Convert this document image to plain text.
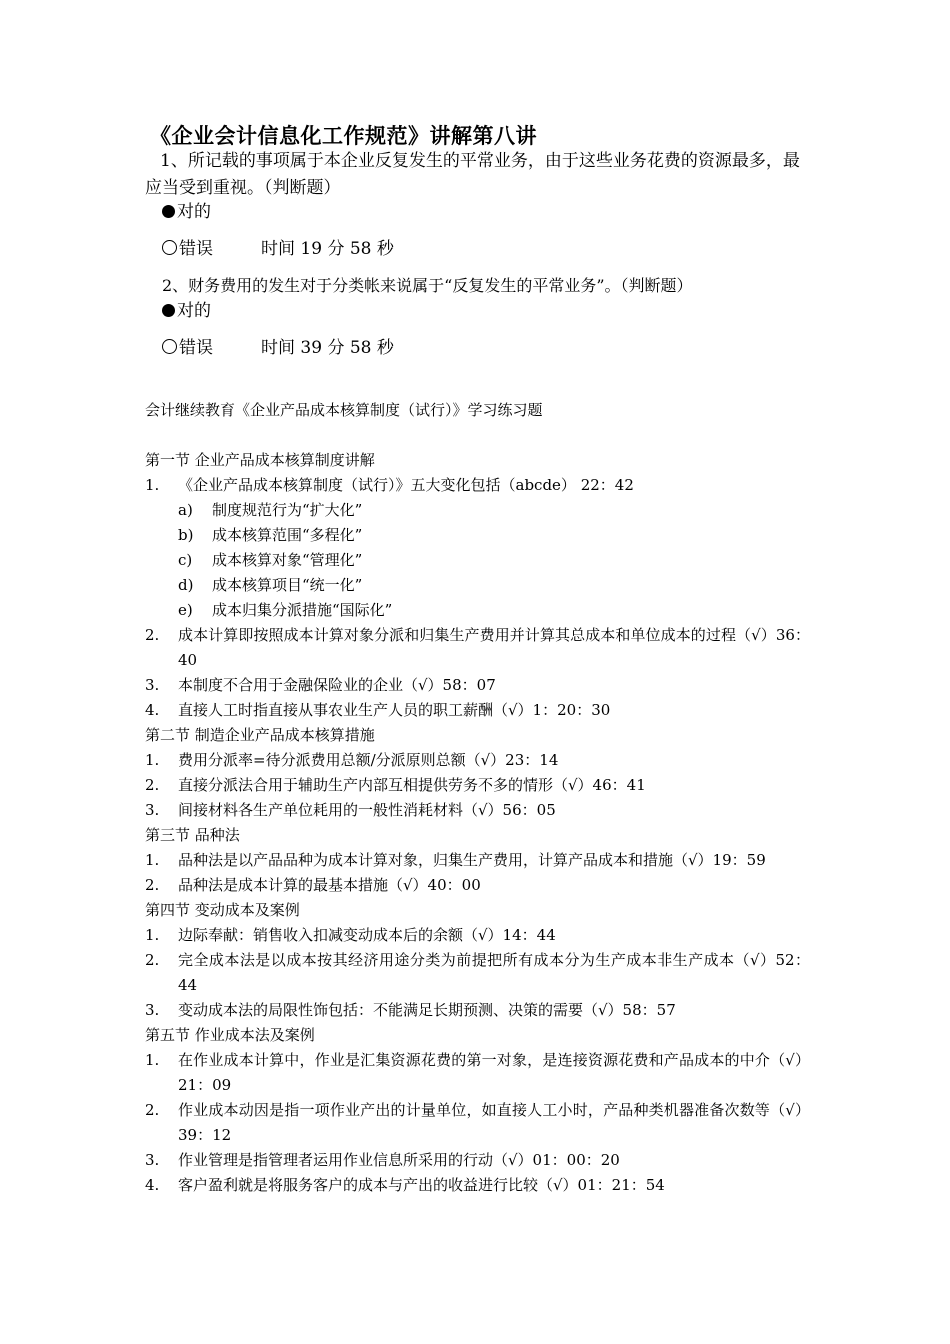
《企业会计信息化工作规范》讲解第八讲
1、所记载的事项属于本企业反复发生的平常业务，由于这些业务花费的资源最多，最应当受到重视。（判断题）
对的
错误	时间 19 分 58 秒
2、财务费用的发生对于分类帐来说属于“反复发生的平常业务”。（判断题）
对的
错误	时间 39 分 58 秒
会计继续教育《企业产品成本核算制度（试行）》学习练习题
第一节 企业产品成本核算制度讲解
1. 《企业产品成本核算制度（试行）》五大变化包括（abcde） 22：42
a) 制度规范行为“扩大化”
b) 成本核算范围“多程化”
c) 成本核算对象“管理化”
d) 成本核算项目“统一化”
e) 成本归集分派措施“国际化”
2. 成本计算即按照成本计算对象分派和归集生产费用并计算其总成本和单位成本的过程（√）36：40
3. 本制度不合用于金融保险业的企业（√）58：07
4. 直接人工时指直接从事农业生产人员的职工薪酬（√）1：20：30
第二节 制造企业产品成本核算措施
1. 费用分派率=待分派费用总额/分派原则总额（√）23：14
2. 直接分派法合用于辅助生产内部互相提供劳务不多的情形（√）46：41
3. 间接材料各生产单位耗用的一般性消耗材料（√）56：05
第三节 品种法
1. 品种法是以产品品种为成本计算对象，归集生产费用，计算产品成本和措施（√）19：59
2. 品种法是成本计算的最基本措施（√）40：00
第四节 变动成本及案例
1. 边际奉献：销售收入扣减变动成本后的余额（√）14：44
2. 完全成本法是以成本按其经济用途分类为前提把所有成本分为生产成本非生产成本（√）52：44
3. 变动成本法的局限性饰包括：不能满足长期预测、决策的需要（√）58：57
第五节 作业成本法及案例
1. 在作业成本计算中，作业是汇集资源花费的第一对象，是连接资源花费和产品成本的中介（√）21：09
2. 作业成本动因是指一项作业产出的计量单位，如直接人工小时，产品种类机器准备次数等（√）39：12
3. 作业管理是指管理者运用作业信息所采用的行动（√）01：00：20
4. 客户盈利就是将服务客户的成本与产出的收益进行比较（√）01：21：54
